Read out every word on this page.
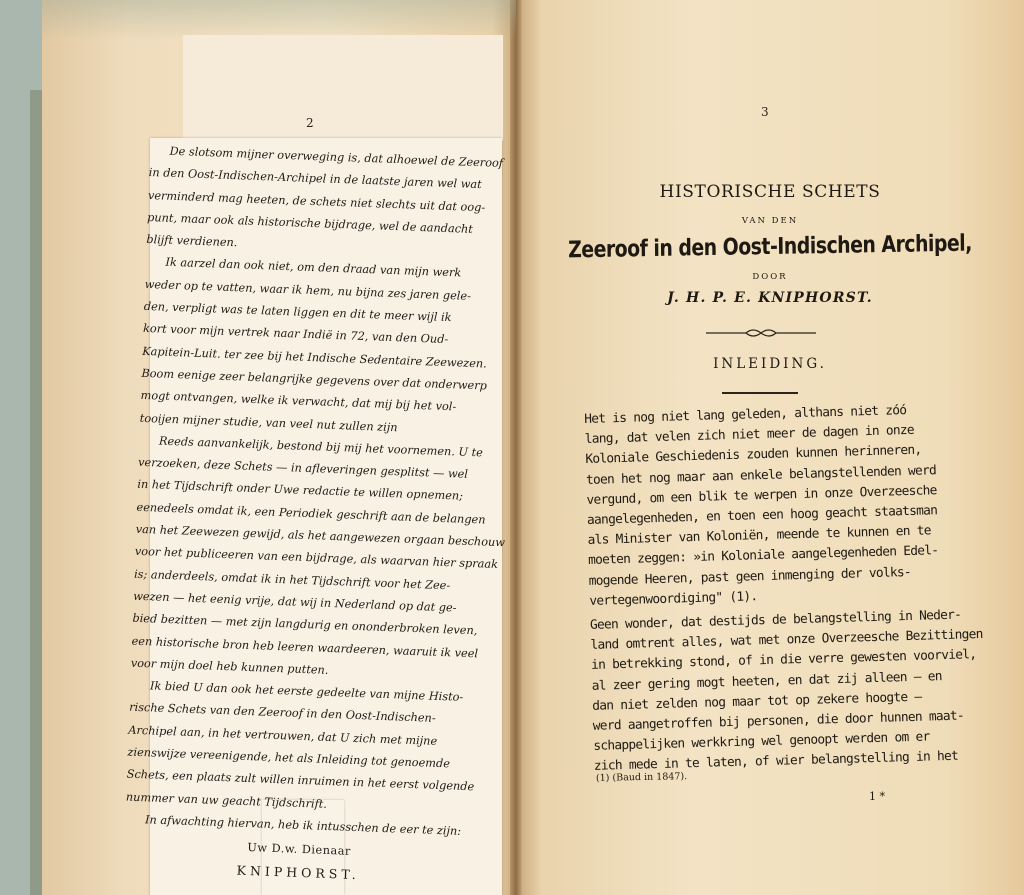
2
3
De slotsom mijner overweging is, dat alhoewel de Zeeroof
in den Oost-Indischen-Archipel in de laatste jaren wel wat
verminderd mag heeten, de schets niet slechts uit dat oog-
punt, maar ook als historische bijdrage, wel de aandacht
blijft verdienen.
Ik aarzel dan ook niet, om den draad van mijn werk
weder op te vatten, waar ik hem, nu bijna zes jaren gele-
den, verpligt was te laten liggen en dit te meer wijl ik
kort voor mijn vertrek naar Indië in 72, van den Oud-
Kapitein-Luit. ter zee bij het Indische Sedentaire Zeewezen.
Boom eenige zeer belangrijke gegevens over dat onderwerp
mogt ontvangen, welke ik verwacht, dat mij bij het vol-
tooijen mijner studie, van veel nut zullen zijn
Reeds aanvankelijk, bestond bij mij het voornemen. U te
verzoeken, deze Schets — in afleveringen gesplitst — wel
in het Tijdschrift onder Uwe redactie te willen opnemen;
eenedeels omdat ik, een Periodiek geschrift aan de belangen
van het Zeewezen gewijd, als het aangewezen orgaan beschouw
voor het publiceeren van een bijdrage, als waarvan hier spraak
is; anderdeels, omdat ik in het Tijdschrift voor het Zee-
wezen — het eenig vrije, dat wij in Nederland op dat ge-
bied bezitten — met zijn langdurig en ononderbroken leven,
een historische bron heb leeren waardeeren, waaruit ik veel
voor mijn doel heb kunnen putten.
Ik bied U dan ook het eerste gedeelte van mijne Histo-
rische Schets van den Zeeroof in den Oost-Indischen-
Archipel aan, in het vertrouwen, dat U zich met mijne
zienswijze vereenigende, het als Inleiding tot genoemde
Schets, een plaats zult willen inruimen in het eerst volgende
nummer van uw geacht Tijdschrift.
In afwachting hiervan, heb ik intusschen de eer te zijn:
Uw D.w. Dienaar
KNIPHORST.
HISTORISCHE SCHETS
VAN DEN
Zeeroof in den Oost-Indischen Archipel,
DOOR
J. H. P. E. KNIPHORST.
INLEIDING.
Het is nog niet lang geleden, althans niet zóó
lang, dat velen zich niet meer de dagen in onze
Koloniale Geschiedenis zouden kunnen herinneren,
toen het nog maar aan enkele belangstellenden werd
vergund, om een blik te werpen in onze Overzeesche
aangelegenheden, en toen een hoog geacht staatsman
als Minister van Koloniën, meende te kunnen en te
moeten zeggen: »in Koloniale aangelegenheden Edel-
mogende Heeren, past geen inmenging der volks-
vertegenwoordiging" (1).
Geen wonder, dat destijds de belangstelling in Neder-
land omtrent alles, wat met onze Overzeesche Bezittingen
in betrekking stond, of in die verre gewesten voorviel,
al zeer gering mogt heeten, en dat zij alleen — en
dan niet zelden nog maar tot op zekere hoogte —
werd aangetroffen bij personen, die door hunnen maat-
schappelijken werkkring wel genoopt werden om er
zich mede in te laten, of wier belangstelling in het
(1) (Baud in 1847).
1 *
